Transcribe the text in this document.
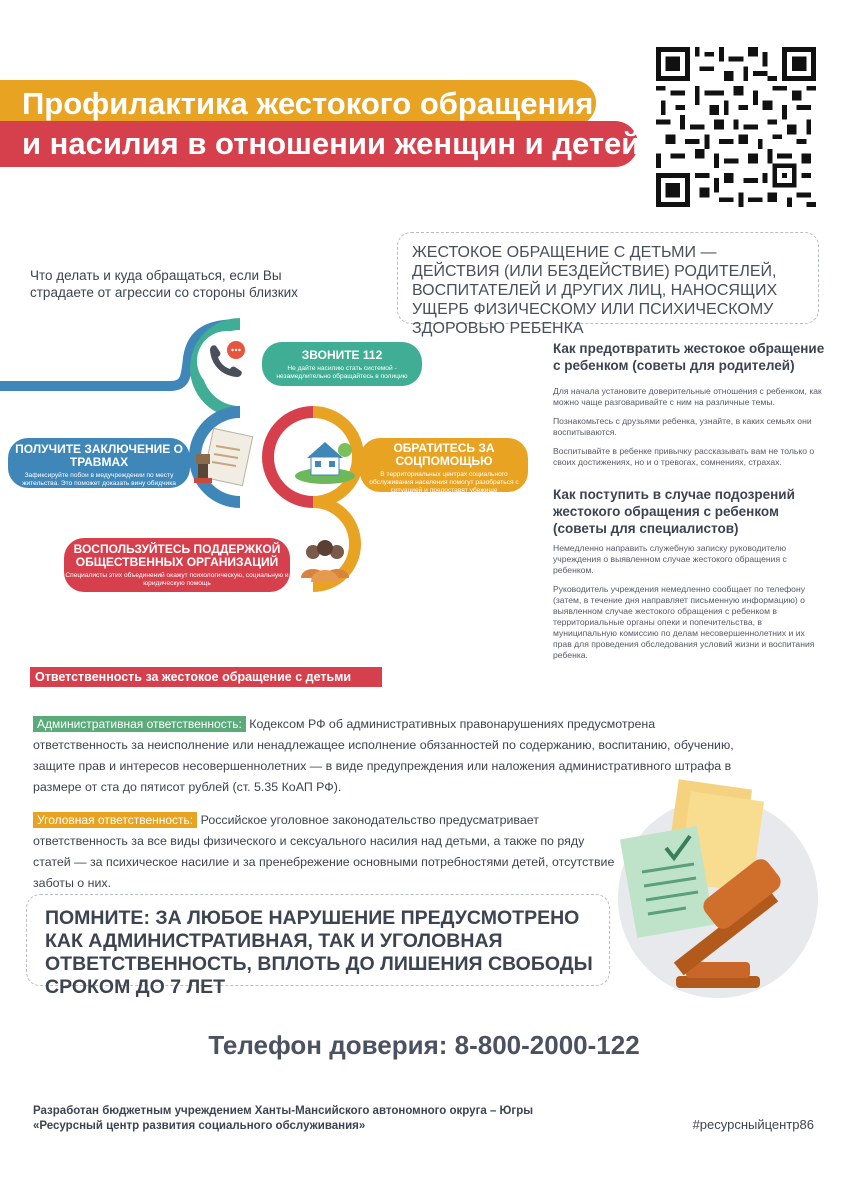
Профилактика жестокого обращения
и насилия в отношении женщин и детей
ЖЕСТОКОЕ ОБРАЩЕНИЕ С ДЕТЬМИ — ДЕЙСТВИЯ (ИЛИ БЕЗДЕЙСТВИЕ) РОДИТЕЛЕЙ, ВОСПИТАТЕЛЕЙ И ДРУГИХ ЛИЦ, НАНОСЯЩИХ УЩЕРБ ФИЗИЧЕСКОМУ ИЛИ ПСИХИЧЕСКОМУ ЗДОРОВЬЮ РЕБЕНКА
Что делать и куда обращаться, если Вы страдаете от агрессии со стороны близких
ЗВОНИТЕ 112
Не дайте насилию стать системой - незамедлительно обращайтесь в полицию
ПОЛУЧИТЕ ЗАКЛЮЧЕНИЕ О ТРАВМАХ
Зафиксируйте побои в медучреждении по месту жительства. Это поможет доказать вину обидчика
ОБРАТИТЕСЬ ЗА СОЦПОМОЩЬЮ
В территориальных центрах социального обслуживания населения помогут разобраться с ситуацией и предоставят убежище
ВОСПОЛЬЗУЙТЕСЬ ПОДДЕРЖКОЙ ОБЩЕСТВЕННЫХ ОРГАНИЗАЦИЙ
Специалисты этих объединений окажут психологическую, социальную и юридическую помощь
Как предотвратить жестокое обращение с ребенком (советы для родителей)
Для начала установите доверительные отношения с ребенком, как можно чаще разговаривайте с ним на различные темы.
Познакомьтесь с друзьями ребенка, узнайте, в каких семьях они воспитываются.
Воспитывайте в ребенке привычку рассказывать вам не только о своих достижениях, но и о тревогах, сомнениях, страхах.
Как поступить в случае подозрений жестокого обращения с ребенком (советы для специалистов)
Немедленно направить служебную записку руководителю учреждения о выявленном случае жестокого обращения с ребенком.
Руководитель учреждения немедленно сообщает по телефону (затем, в течение дня направляет письменную информацию) о выявленном случае жестокого обращения с ребенком в территориальные органы опеки и попечительства, в муниципальную комиссию по делам несовершеннолетних и их прав для проведения обследования условий жизни и воспитания ребенка.
Ответственность за жестокое обращение с детьми
Административная ответственность: Кодексом РФ об административных правонарушениях предусмотрена ответственность за неисполнение или ненадлежащее исполнение обязанностей по содержанию, воспитанию, обучению, защите прав и интересов несовершеннолетних — в виде предупреждения или наложения административного штрафа в размере от ста до пятисот рублей (ст. 5.35 КоАП РФ).
Уголовная ответственность: Российское уголовное законодательство предусматривает ответственность за все виды физического и сексуального насилия над детьми, а также по ряду статей — за психическое насилие и за пренебрежение основными потребностями детей, отсутствие заботы о них.
ПОМНИТЕ: ЗА ЛЮБОЕ НАРУШЕНИЕ ПРЕДУСМОТРЕНО КАК АДМИНИСТРАТИВНАЯ, ТАК И УГОЛОВНАЯ ОТВЕТСТВЕННОСТЬ, ВПЛОТЬ ДО ЛИШЕНИЯ СВОБОДЫ СРОКОМ ДО 7 ЛЕТ
Телефон доверия: 8-800-2000-122
Разработан бюджетным учреждением Ханты-Мансийского автономного округа – Югры
«Ресурсный центр развития социального обслуживания»	#ресурсныйцентр86
